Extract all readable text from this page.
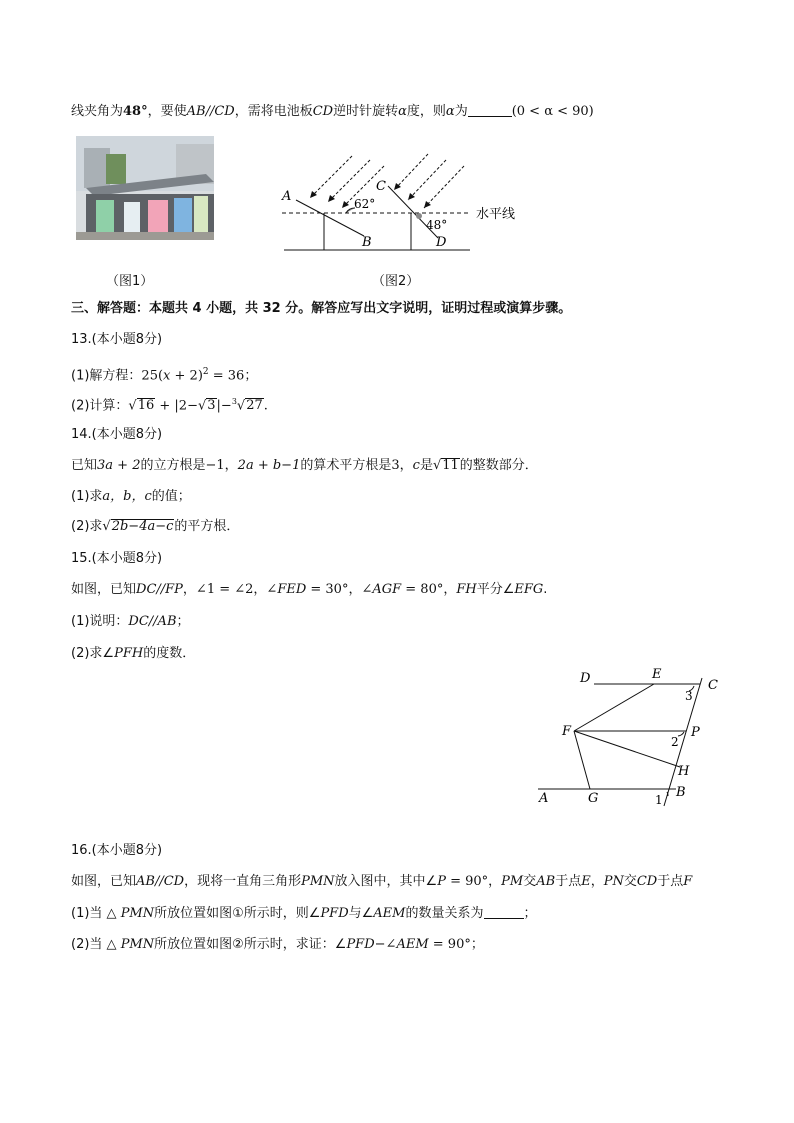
线夹角为48°，要使AB//CD，需将电池板CD逆时针旋转α度，则α为	(0 < α < 90)
（图1）
A
B
C
D
62°
48°
水平线
（图2）
三、解答题：本题共 4 小题，共 32 分。解答应写出文字说明，证明过程或演算步骤。
13.(本小题8分)
(1)解方程：$25(x + 2)^2 = 36$；
(2)计算：√16 + |2−√3|−$^3$√27.
14.(本小题8分)
已知3a + 2的立方根是−1，2a + b−1的算术平方根是3，c是√11的整数部分．
(1)求a，b，c的值；
(2)求√2b−4a−c的平方根．
15.(本小题8分)
如图，已知DC//FP，∠1 = ∠2，∠FED = 30°，∠AGF = 80°，FH平分∠EFG.
(1)说明：DC//AB；
(2)求∠PFH的度数．
D	E
C
3
F	P
2
H
A	G	B
1
16.(本小题8分)
如图，已知AB//CD，现将一直角三角形PMN放入图中，其中∠P = 90°，PM交AB于点E，PN交CD于点F
(1)当 △ PMN所放位置如图①所示时，则∠PFD与∠AEM的数量关系为	；
(2)当 △ PMN所放位置如图②所示时，求证：∠PFD−∠AEM = 90°；
